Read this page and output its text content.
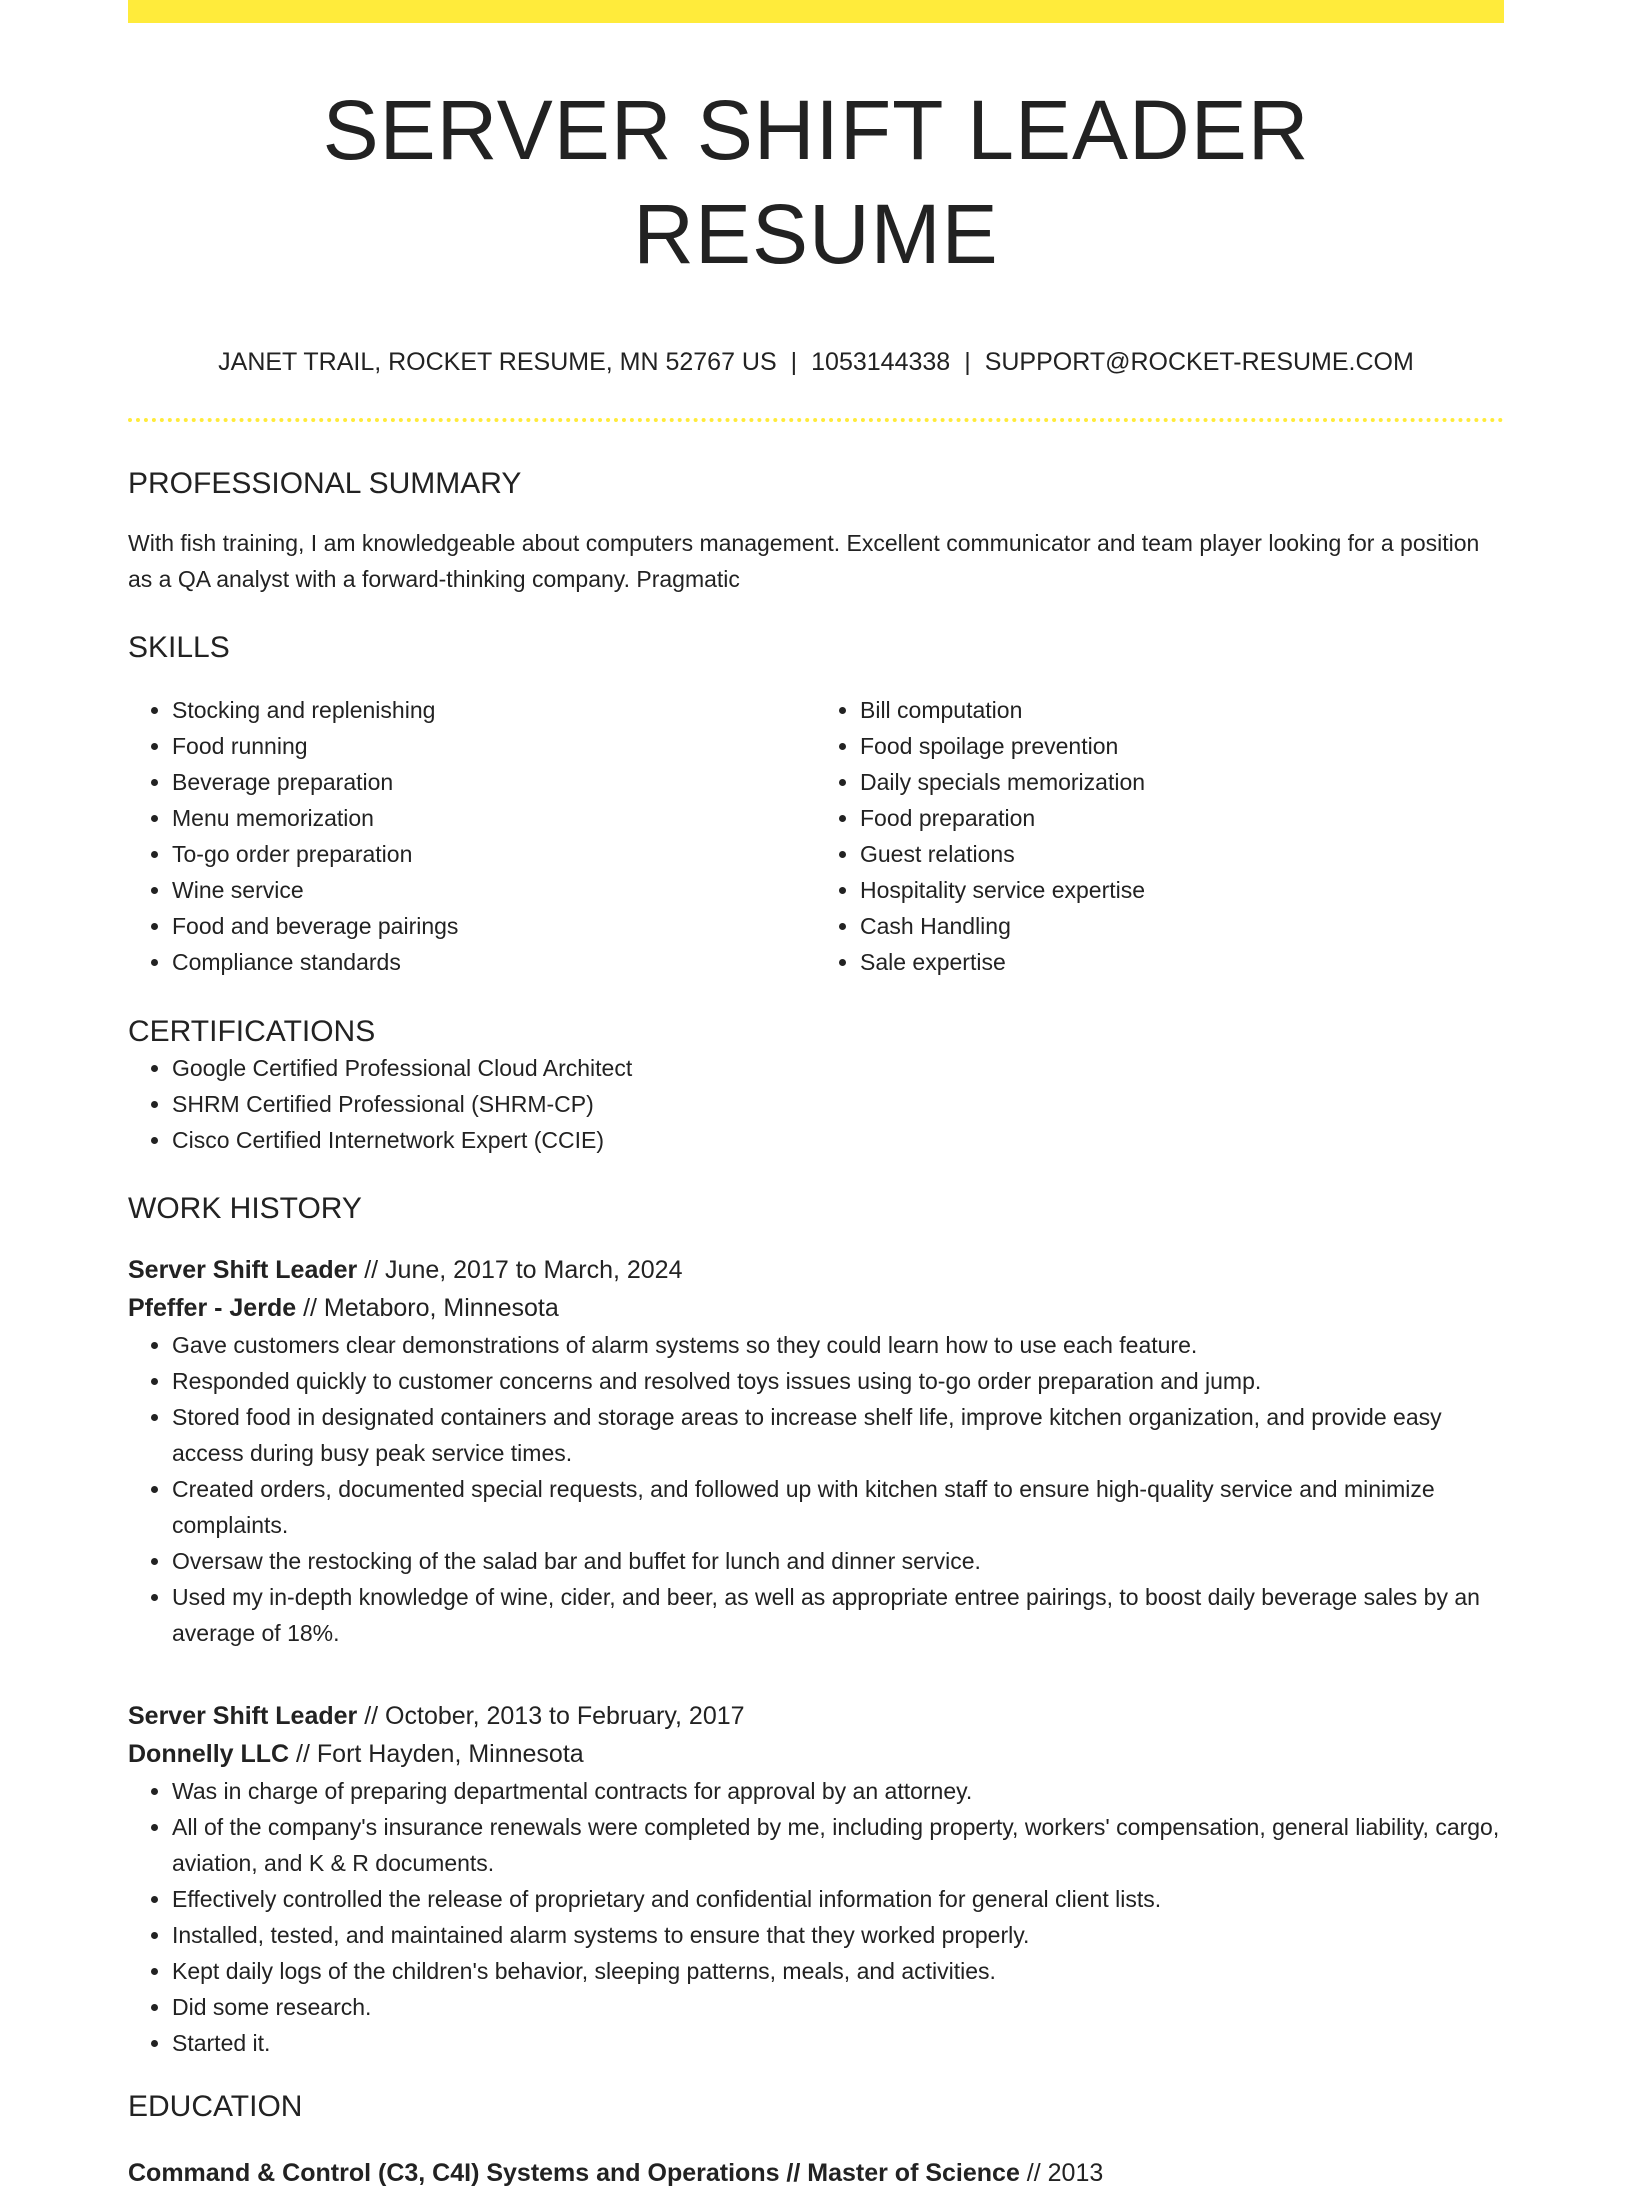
SERVER SHIFT LEADER RESUME
JANET TRAIL, ROCKET RESUME, MN 52767 US | 1053144338 | SUPPORT@ROCKET-RESUME.COM
PROFESSIONAL SUMMARY
With fish training, I am knowledgeable about computers management. Excellent communicator and team player looking for a position as a QA analyst with a forward-thinking company. Pragmatic
SKILLS
• Stocking and replenishing
• Food running
• Beverage preparation
• Menu memorization
• To-go order preparation
• Wine service
• Food and beverage pairings
• Compliance standards
• Bill computation
• Food spoilage prevention
• Daily specials memorization
• Food preparation
• Guest relations
• Hospitality service expertise
• Cash Handling
• Sale expertise
CERTIFICATIONS
• Google Certified Professional Cloud Architect
• SHRM Certified Professional (SHRM-CP)
• Cisco Certified Internetwork Expert (CCIE)
WORK HISTORY
Server Shift Leader // June, 2017 to March, 2024
Pfeffer - Jerde // Metaboro, Minnesota
• Gave customers clear demonstrations of alarm systems so they could learn how to use each feature.
• Responded quickly to customer concerns and resolved toys issues using to-go order preparation and jump.
• Stored food in designated containers and storage areas to increase shelf life, improve kitchen organization, and provide easy access during busy peak service times.
• Created orders, documented special requests, and followed up with kitchen staff to ensure high-quality service and minimize complaints.
• Oversaw the restocking of the salad bar and buffet for lunch and dinner service.
• Used my in-depth knowledge of wine, cider, and beer, as well as appropriate entree pairings, to boost daily beverage sales by an average of 18%.
Server Shift Leader // October, 2013 to February, 2017
Donnelly LLC // Fort Hayden, Minnesota
• Was in charge of preparing departmental contracts for approval by an attorney.
• All of the company's insurance renewals were completed by me, including property, workers' compensation, general liability, cargo, aviation, and K & R documents.
• Effectively controlled the release of proprietary and confidential information for general client lists.
• Installed, tested, and maintained alarm systems to ensure that they worked properly.
• Kept daily logs of the children's behavior, sleeping patterns, meals, and activities.
• Did some research.
• Started it.
EDUCATION
Command & Control (C3, C4I) Systems and Operations // Master of Science // 2013
